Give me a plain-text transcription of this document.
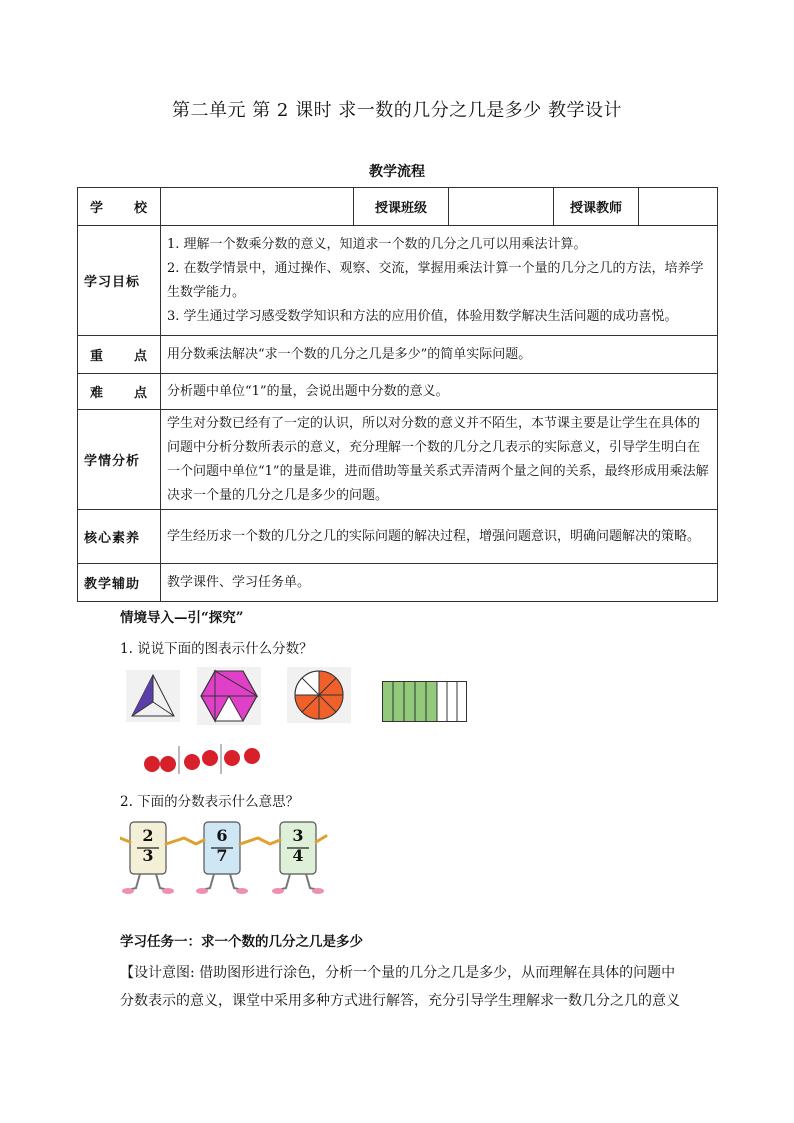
第二单元 第 2 课时 求一数的几分之几是多少 教学设计
教学流程
学 校		授课班级		授课教师	
学习目标	1. 理解一个数乘分数的意义，知道求一个数的几分之几可以用乘法计算。

2. 在数学情景中，通过操作、观察、交流，掌握用乘法计算一个量的几分之几的方法，培养学生数学能力。

3. 学生通过学习感受数学知识和方法的应用价值，体验用数学解决生活问题的成功喜悦。				

重 点	用分数乘法解决“求一个数的几分之几是多少”的简单实际问题。				

难 点	分析题中单位“1”的量，会说出题中分数的意义。				
学情分析	学生对分数已经有了一定的认识，所以对分数的意义并不陌生，本节课主要是让学生在具体的问题中分析分数所表示的意义，充分理解一个数的几分之几表示的实际意义，引导学生明白在一个问题中单位“1”的量是谁，进而借助等量关系式弄清两个量之间的关系，最终形成用乘法解决求一个量的几分之几是多少的问题。				
核心素养	学生经历求一个数的几分之几的实际问题的解决过程，增强问题意识，明确问题解决的策略。				
教学辅助	教学课件、学习任务单。				
情境导入—引“探究”
1. 说说下面的图表示什么分数？
2. 下面的分数表示什么意思？
2
3
6
7
3
4
学习任务一：求一个数的几分之几是多少
【设计意图: 借助图形进行涂色，分析一个量的几分之几是多少，从而理解在具体的问题中
分数表示的意义，课堂中采用多种方式进行解答，充分引导学生理解求一数几分之几的意义
